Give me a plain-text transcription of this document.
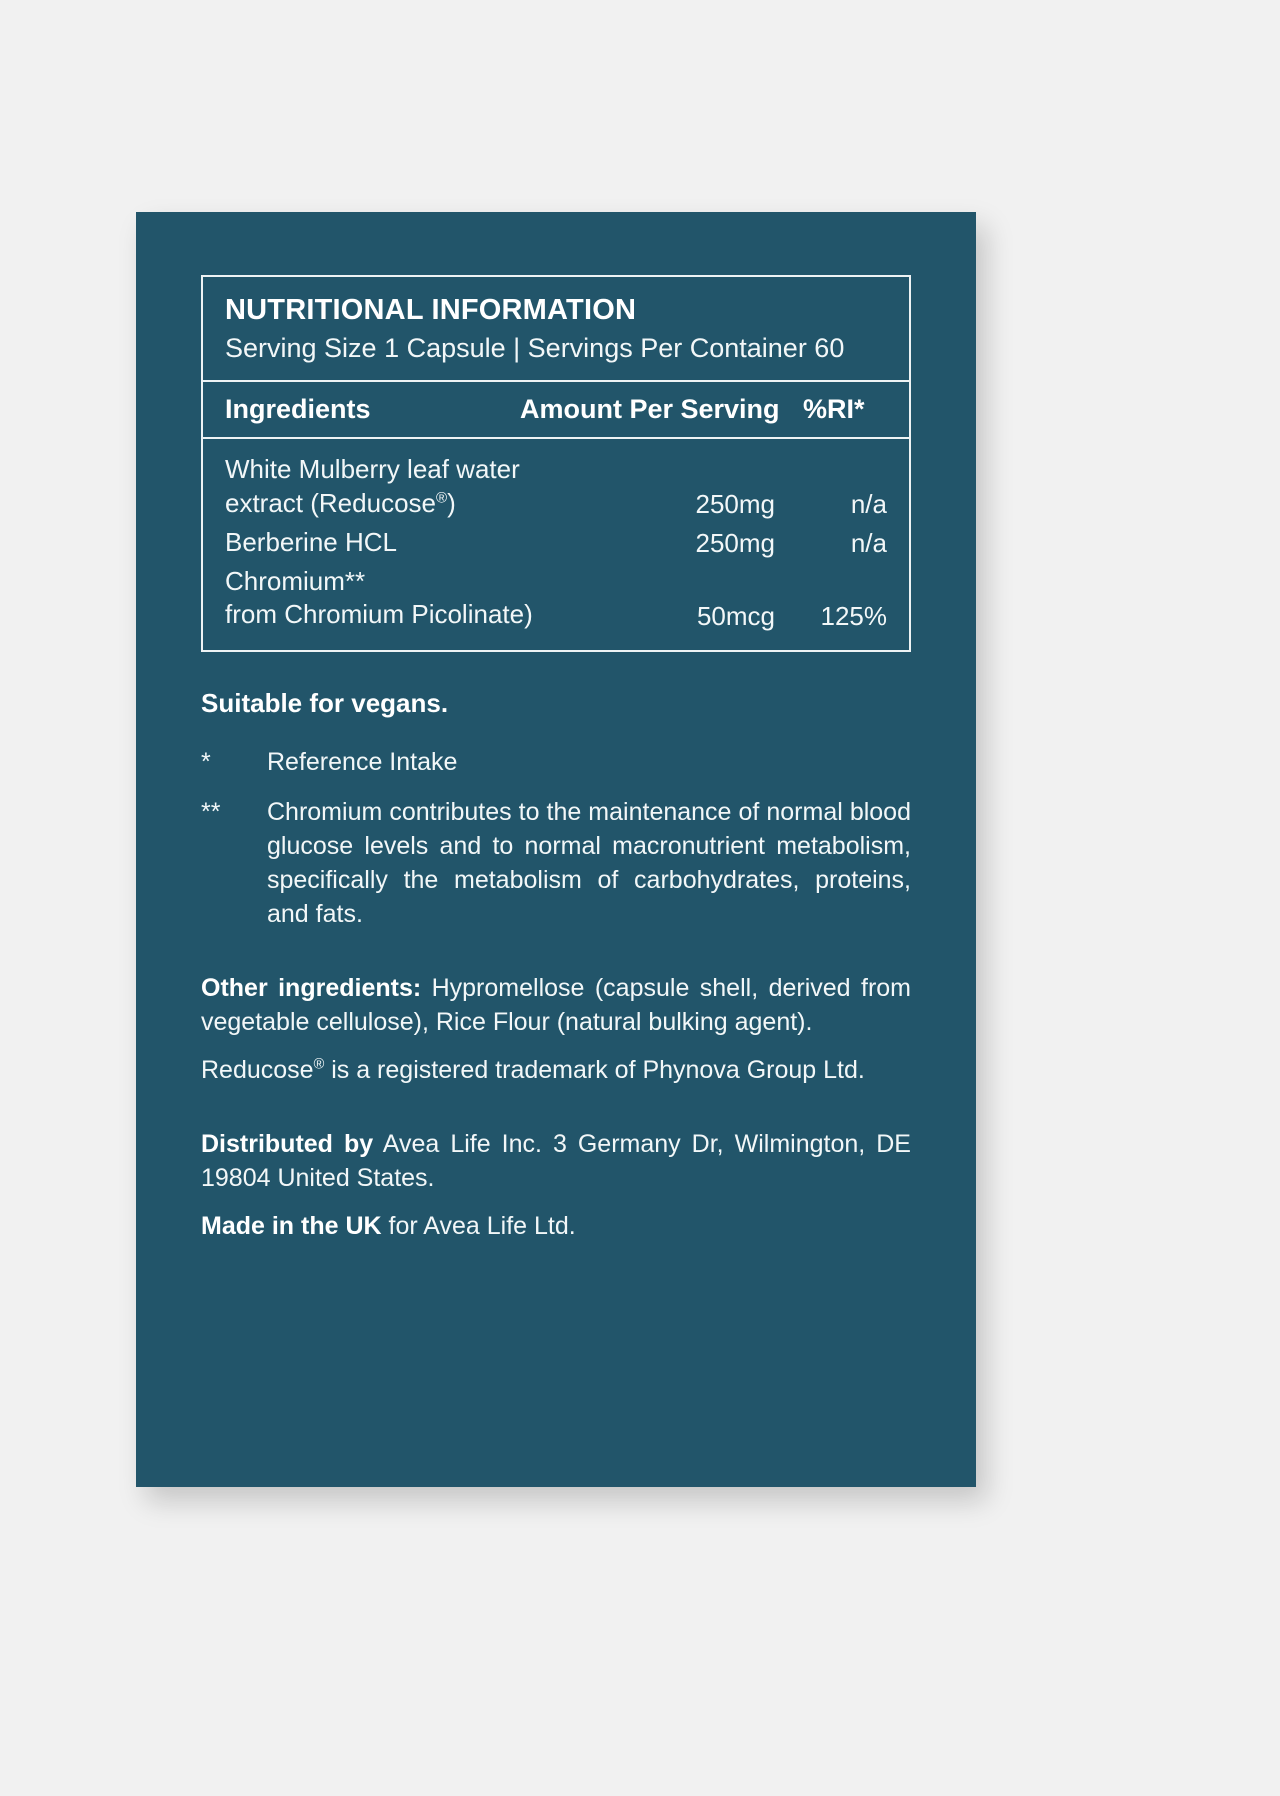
NUTRITIONAL INFORMATION
Serving Size 1 Capsule | Servings Per Container 60
Ingredients	Amount Per Serving %RI*
White Mulberry leaf water
extract (Reducose®)	250mg	n/a
Berberine HCL	250mg	n/a
Chromium**
from Chromium Picolinate)	50mcg	125%
Suitable for vegans.
*	Reference Intake
**	Chromium contributes to the maintenance of normal blood glucose levels and to normal macronutrient metabolism, specifically the metabolism of carbohydrates, proteins, and fats.
Other ingredients: Hypromellose (capsule shell, derived from vegetable cellulose), Rice Flour (natural bulking agent).
Reducose® is a registered trademark of Phynova Group Ltd.
Distributed by Avea Life Inc. 3 Germany Dr, Wilmington, DE 19804 United States.
Made in the UK for Avea Life Ltd.
